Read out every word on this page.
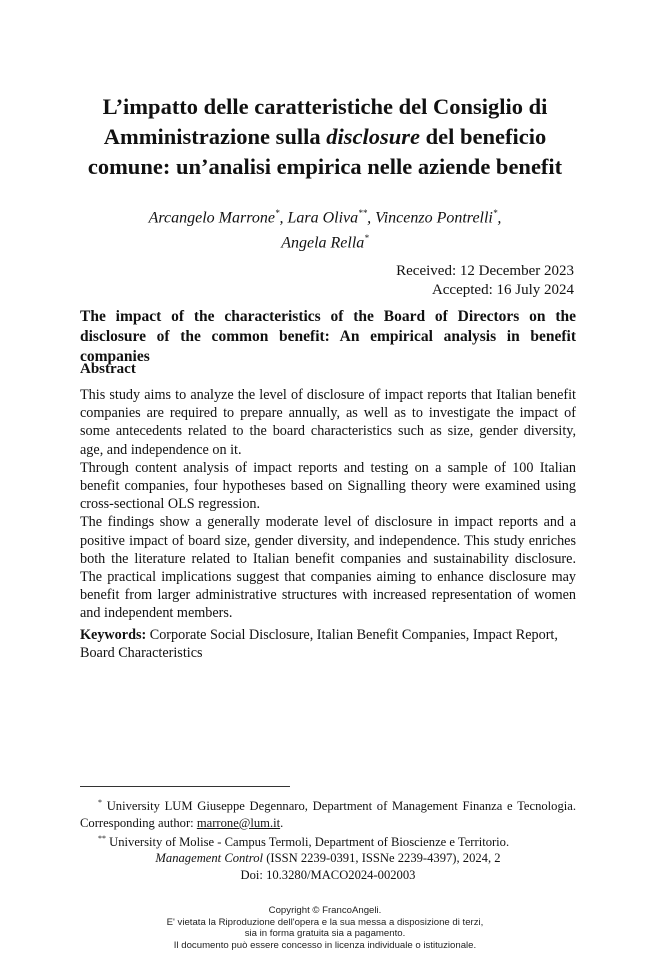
L’impatto delle caratteristiche del Consiglio di
Amministrazione sulla disclosure del beneficio
comune: un’analisi empirica nelle aziende benefit
Arcangelo Marrone*, Lara Oliva**, Vincenzo Pontrelli*,
Angela Rella*
Received: 12 December 2023
Accepted: 16 July 2024
The impact of the characteristics of the Board of Directors on the disclosure of the common benefit: An empirical analysis in benefit companies
Abstract

This study aims to analyze the level of disclosure of impact reports that Italian benefit companies are required to prepare annually, as well as to investigate the impact of some antecedents related to the board characteristics such as size, gender diversity, age, and independence on it.

Through content analysis of impact reports and testing on a sample of 100 Italian benefit companies, four hypotheses based on Signalling theory were examined using cross-sectional OLS regression.

The findings show a generally moderate level of disclosure in impact reports and a positive impact of board size, gender diversity, and independence. This study enriches both the literature related to Italian benefit companies and sustainability disclosure. The practical implications suggest that companies aiming to enhance disclosure may benefit from larger administrative structures with increased representation of women and independent members.

Keywords: Corporate Social Disclosure, Italian Benefit Companies, Impact Report, Board Characteristics

* University LUM Giuseppe Degennaro, Department of Management Finanza e Tecnologia. Corresponding author: marrone@lum.it.

** University of Molise - Campus Termoli, Department of Bioscienze e Territorio.

Management Control (ISSN 2239-0391, ISSNe 2239-4397), 2024, 2
Doi: 10.3280/MACO2024-002003
Copyright © FrancoAngeli.
E' vietata la Riproduzione dell'opera e la sua messa a disposizione di terzi,
sia in forma gratuita sia a pagamento.
Il documento può essere concesso in licenza individuale o istituzionale.
